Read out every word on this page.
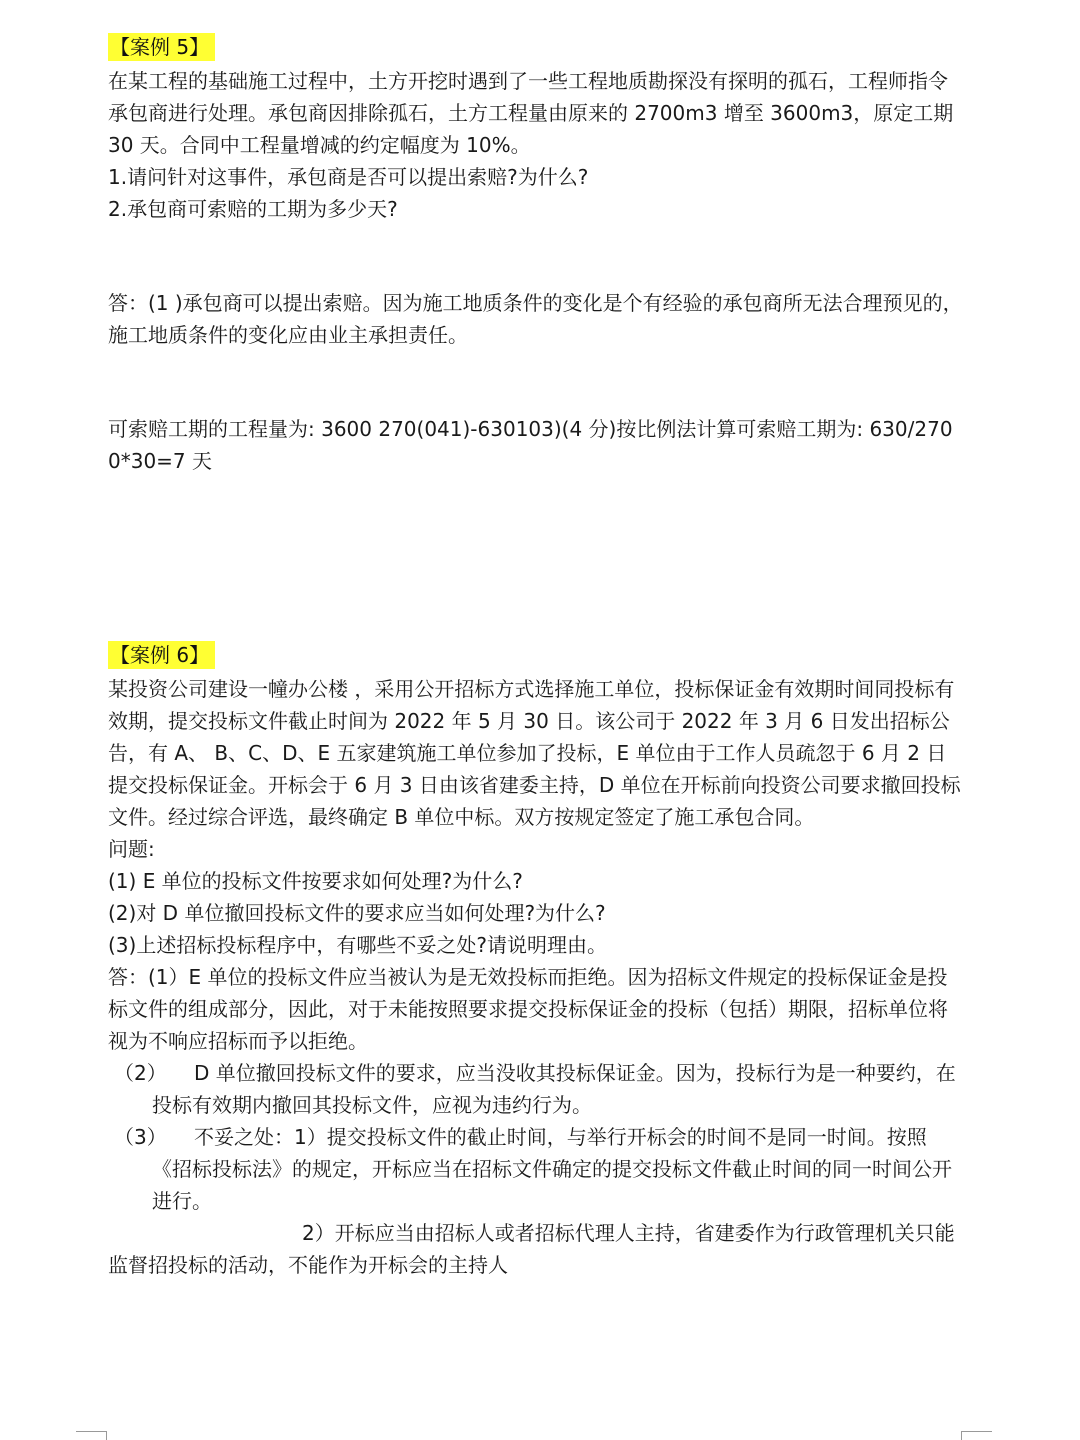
【案例 5】

在某工程的基础施工过程中，土方开挖时遇到了一些工程地质勘探没有探明的孤石，工程师指令承包商进行处理。承包商因排除孤石，土方工程量由原来的 2700m3 增至 3600m3，原定工期 30 天。合同中工程量增减的约定幅度为 10%。

1.请问针对这事件，承包商是否可以提出索赔?为什么?

2.承包商可索赔的工期为多少天?

答：(1 )承包商可以提出索赔。因为施工地质条件的变化是个有经验的承包商所无法合理预见的，施工地质条件的变化应由业主承担责任。

可索赔工期的工程量为: 3600 270(041)-630103)(4 分)按比例法计算可索赔工期为: 630/2700*30=7 天

【案例 6】

某投资公司建设一幢办公楼 ，采用公开招标方式选择施工单位，投标保证金有效期时间同投标有效期，提交投标文件截止时间为 2022 年 5 月 30 日。该公司于 2022 年 3 月 6 日发出招标公告，有 A、 B、C、D、E 五家建筑施工单位参加了投标，E 单位由于工作人员疏忽于 6 月 2 日提交投标保证金。开标会于 6 月 3 日由该省建委主持，D 单位在开标前向投资公司要求撤回投标文件。经过综合评选，最终确定 B 单位中标。双方按规定签定了施工承包合同。

问题:

(1) E 单位的投标文件按要求如何处理?为什么?

(2)对 D 单位撤回投标文件的要求应当如何处理?为什么?

(3)上述招标投标程序中，有哪些不妥之处?请说明理由。

答：(1）E 单位的投标文件应当被认为是无效投标而拒绝。因为招标文件规定的投标保证金是投标文件的组成部分，因此，对于未能按照要求提交投标保证金的投标（包括）期限，招标单位将视为不响应招标而予以拒绝。

（2）	D 单位撤回投标文件的要求，应当没收其投标保证金。因为，投标行为是一种要约，在投标有效期内撤回其投标文件，应视为违约行为。
（3）	不妥之处：1）提交投标文件的截止时间，与举行开标会的时间不是同一时间。按照《招标投标法》的规定，开标应当在招标文件确定的提交投标文件截止时间的同一时间公开进行。

2）开标应当由招标人或者招标代理人主持，省建委作为行政管理机关只能监督招投标的活动，不能作为开标会的主持人
